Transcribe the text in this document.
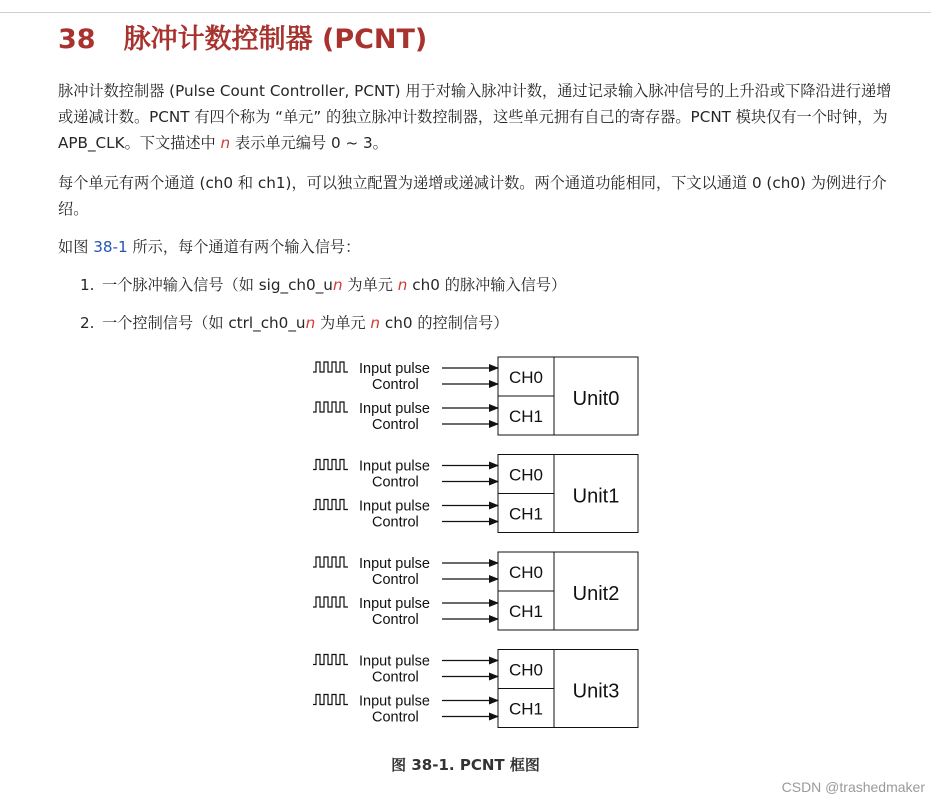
38 脉冲计数控制器 (PCNT)

脉冲计数控制器 (Pulse Count Controller, PCNT) 用于对输入脉冲计数，通过记录输入脉冲信号的上升沿或下降沿进行递增或递减计数。PCNT 有四个称为 “单元” 的独立脉冲计数控制器，这些单元拥有自己的寄存器。PCNT 模块仅有一个时钟，为 APB_CLK。下文描述中 n 表示单元编号 0 ~ 3。

每个单元有两个通道 (ch0 和 ch1)，可以独立配置为递增或递减计数。两个通道功能相同，下文以通道 0 (ch0) 为例进行介绍。

如图 38-1 所示，每个通道有两个输入信号：

1. 一个脉冲输入信号（如 sig_ch0_un 为单元 n ch0 的脉冲输入信号）

2. 一个控制信号（如 ctrl_ch0_un 为单元 n ch0 的控制信号）

CH0
CH1
Unit0
Input pulse
Control
Input pulse
Control
CH0
CH1
Unit1
Input pulse
Control
Input pulse
Control
CH0
CH1
Unit2
Input pulse
Control
Input pulse
Control
CH0
CH1
Unit3
Input pulse
Control
Input pulse
Control

图 38-1. PCNT 框图

CSDN @trashedmaker
